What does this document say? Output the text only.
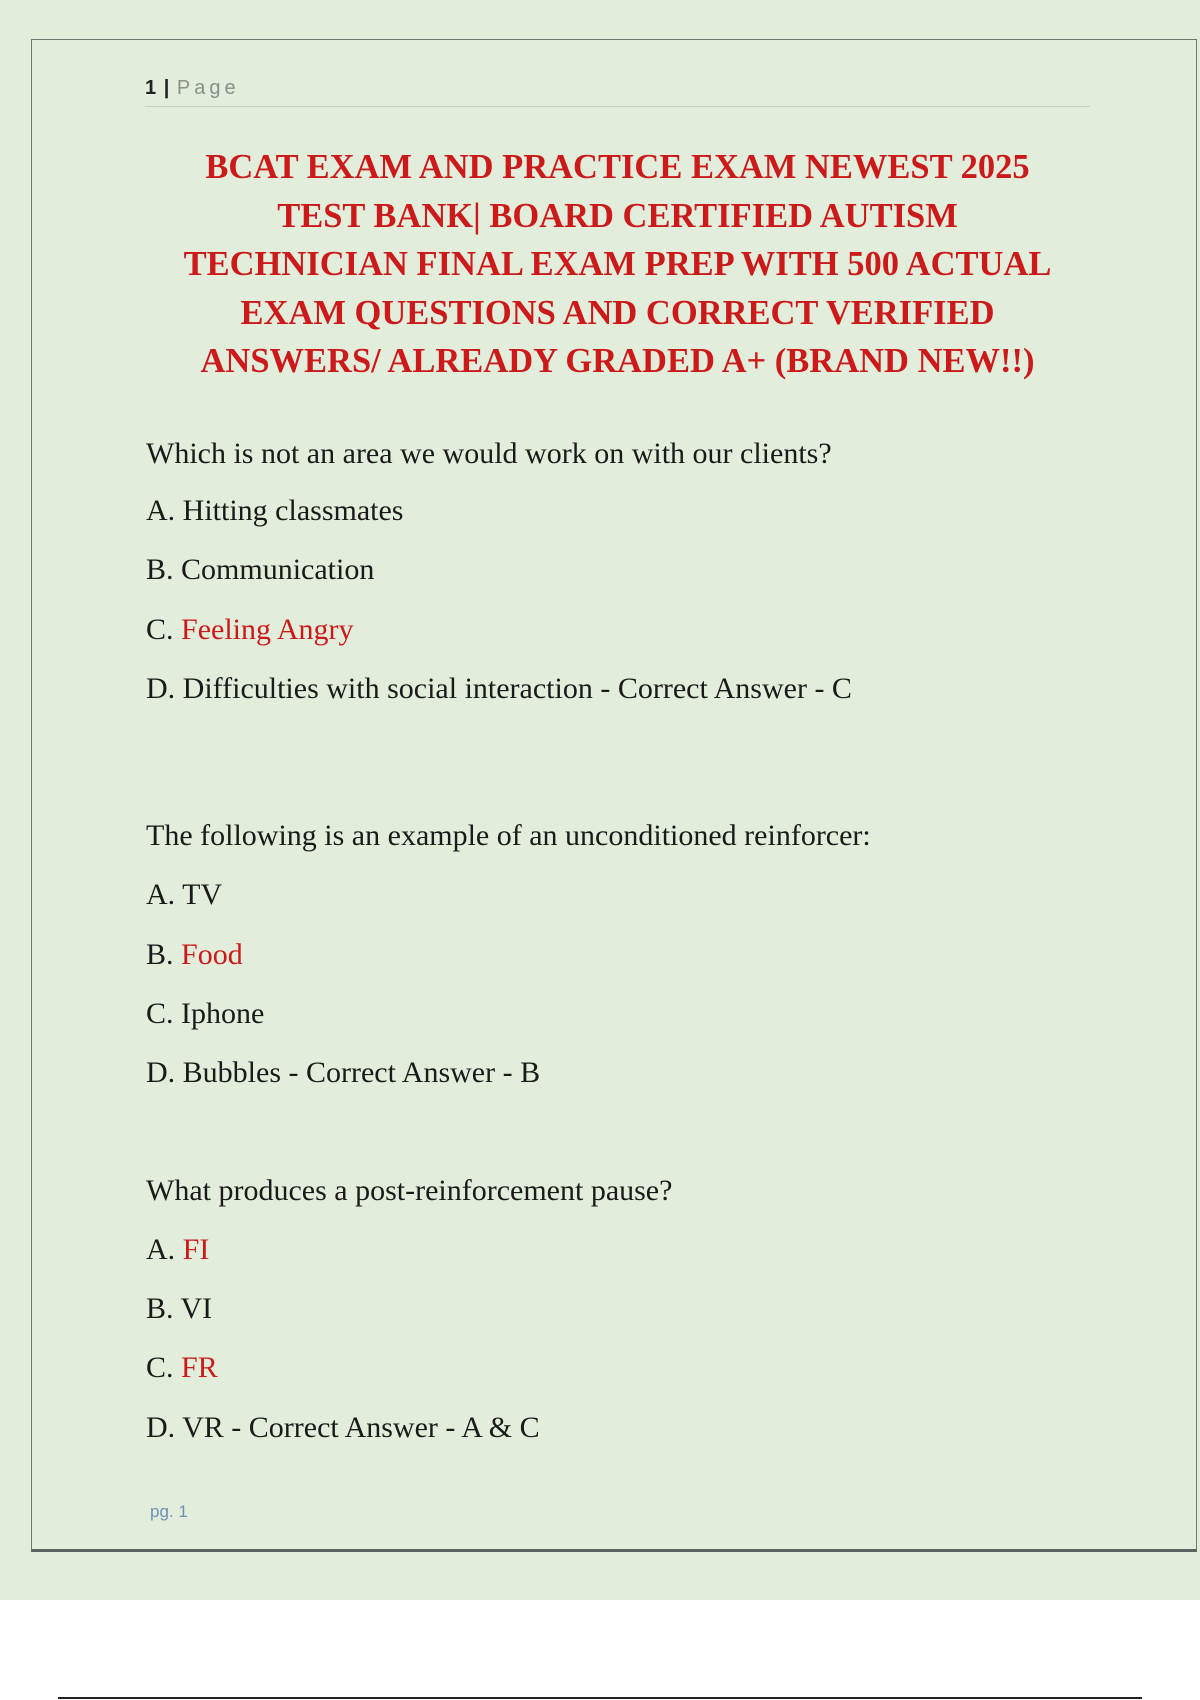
1 | Page
BCAT EXAM AND PRACTICE EXAM NEWEST 2025
TEST BANK| BOARD CERTIFIED AUTISM
TECHNICIAN FINAL EXAM PREP WITH 500 ACTUAL
EXAM QUESTIONS AND CORRECT VERIFIED
ANSWERS/ ALREADY GRADED A+ (BRAND NEW!!)
Which is not an area we would work on with our clients?
A. Hitting classmates
B. Communication
C. Feeling Angry
D. Difficulties with social interaction - Correct Answer - C
The following is an example of an unconditioned reinforcer:
A. TV
B. Food
C. Iphone
D. Bubbles - Correct Answer - B
What produces a post-reinforcement pause?
A. FI
B. VI
C. FR
D. VR - Correct Answer - A & C
pg. 1
